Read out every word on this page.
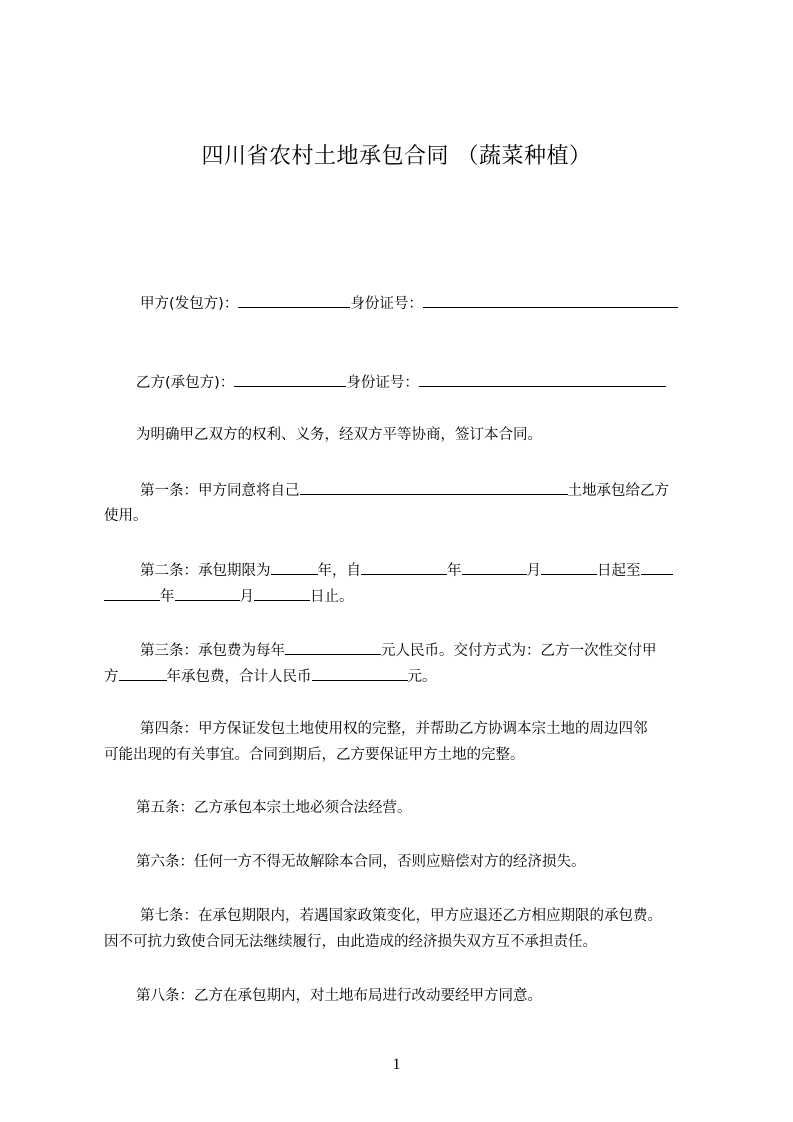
四川省农村土地承包合同 （蔬菜种植）
甲方(发包方)：	身份证号：
乙方(承包方)：	身份证号：
为明确甲乙双方的权利、义务，经双方平等协商，签订本合同。
第一条：甲方同意将自己	土地承包给乙方
使用。
第二条：承包期限为	年，自	年	月	日起至
年	月	日止。
第三条：承包费为每年	元人民币。交付方式为：乙方一次性交付甲
方	年承包费，合计人民币	元。
第四条：甲方保证发包土地使用权的完整，并帮助乙方协调本宗土地的周边四邻
可能出现的有关事宜。合同到期后，乙方要保证甲方土地的完整。
第五条：乙方承包本宗土地必须合法经营。
第六条：任何一方不得无故解除本合同，否则应赔偿对方的经济损失。
第七条：在承包期限内，若遇国家政策变化，甲方应退还乙方相应期限的承包费。
因不可抗力致使合同无法继续履行，由此造成的经济损失双方互不承担责任。
第八条：乙方在承包期内，对土地布局进行改动要经甲方同意。
1
